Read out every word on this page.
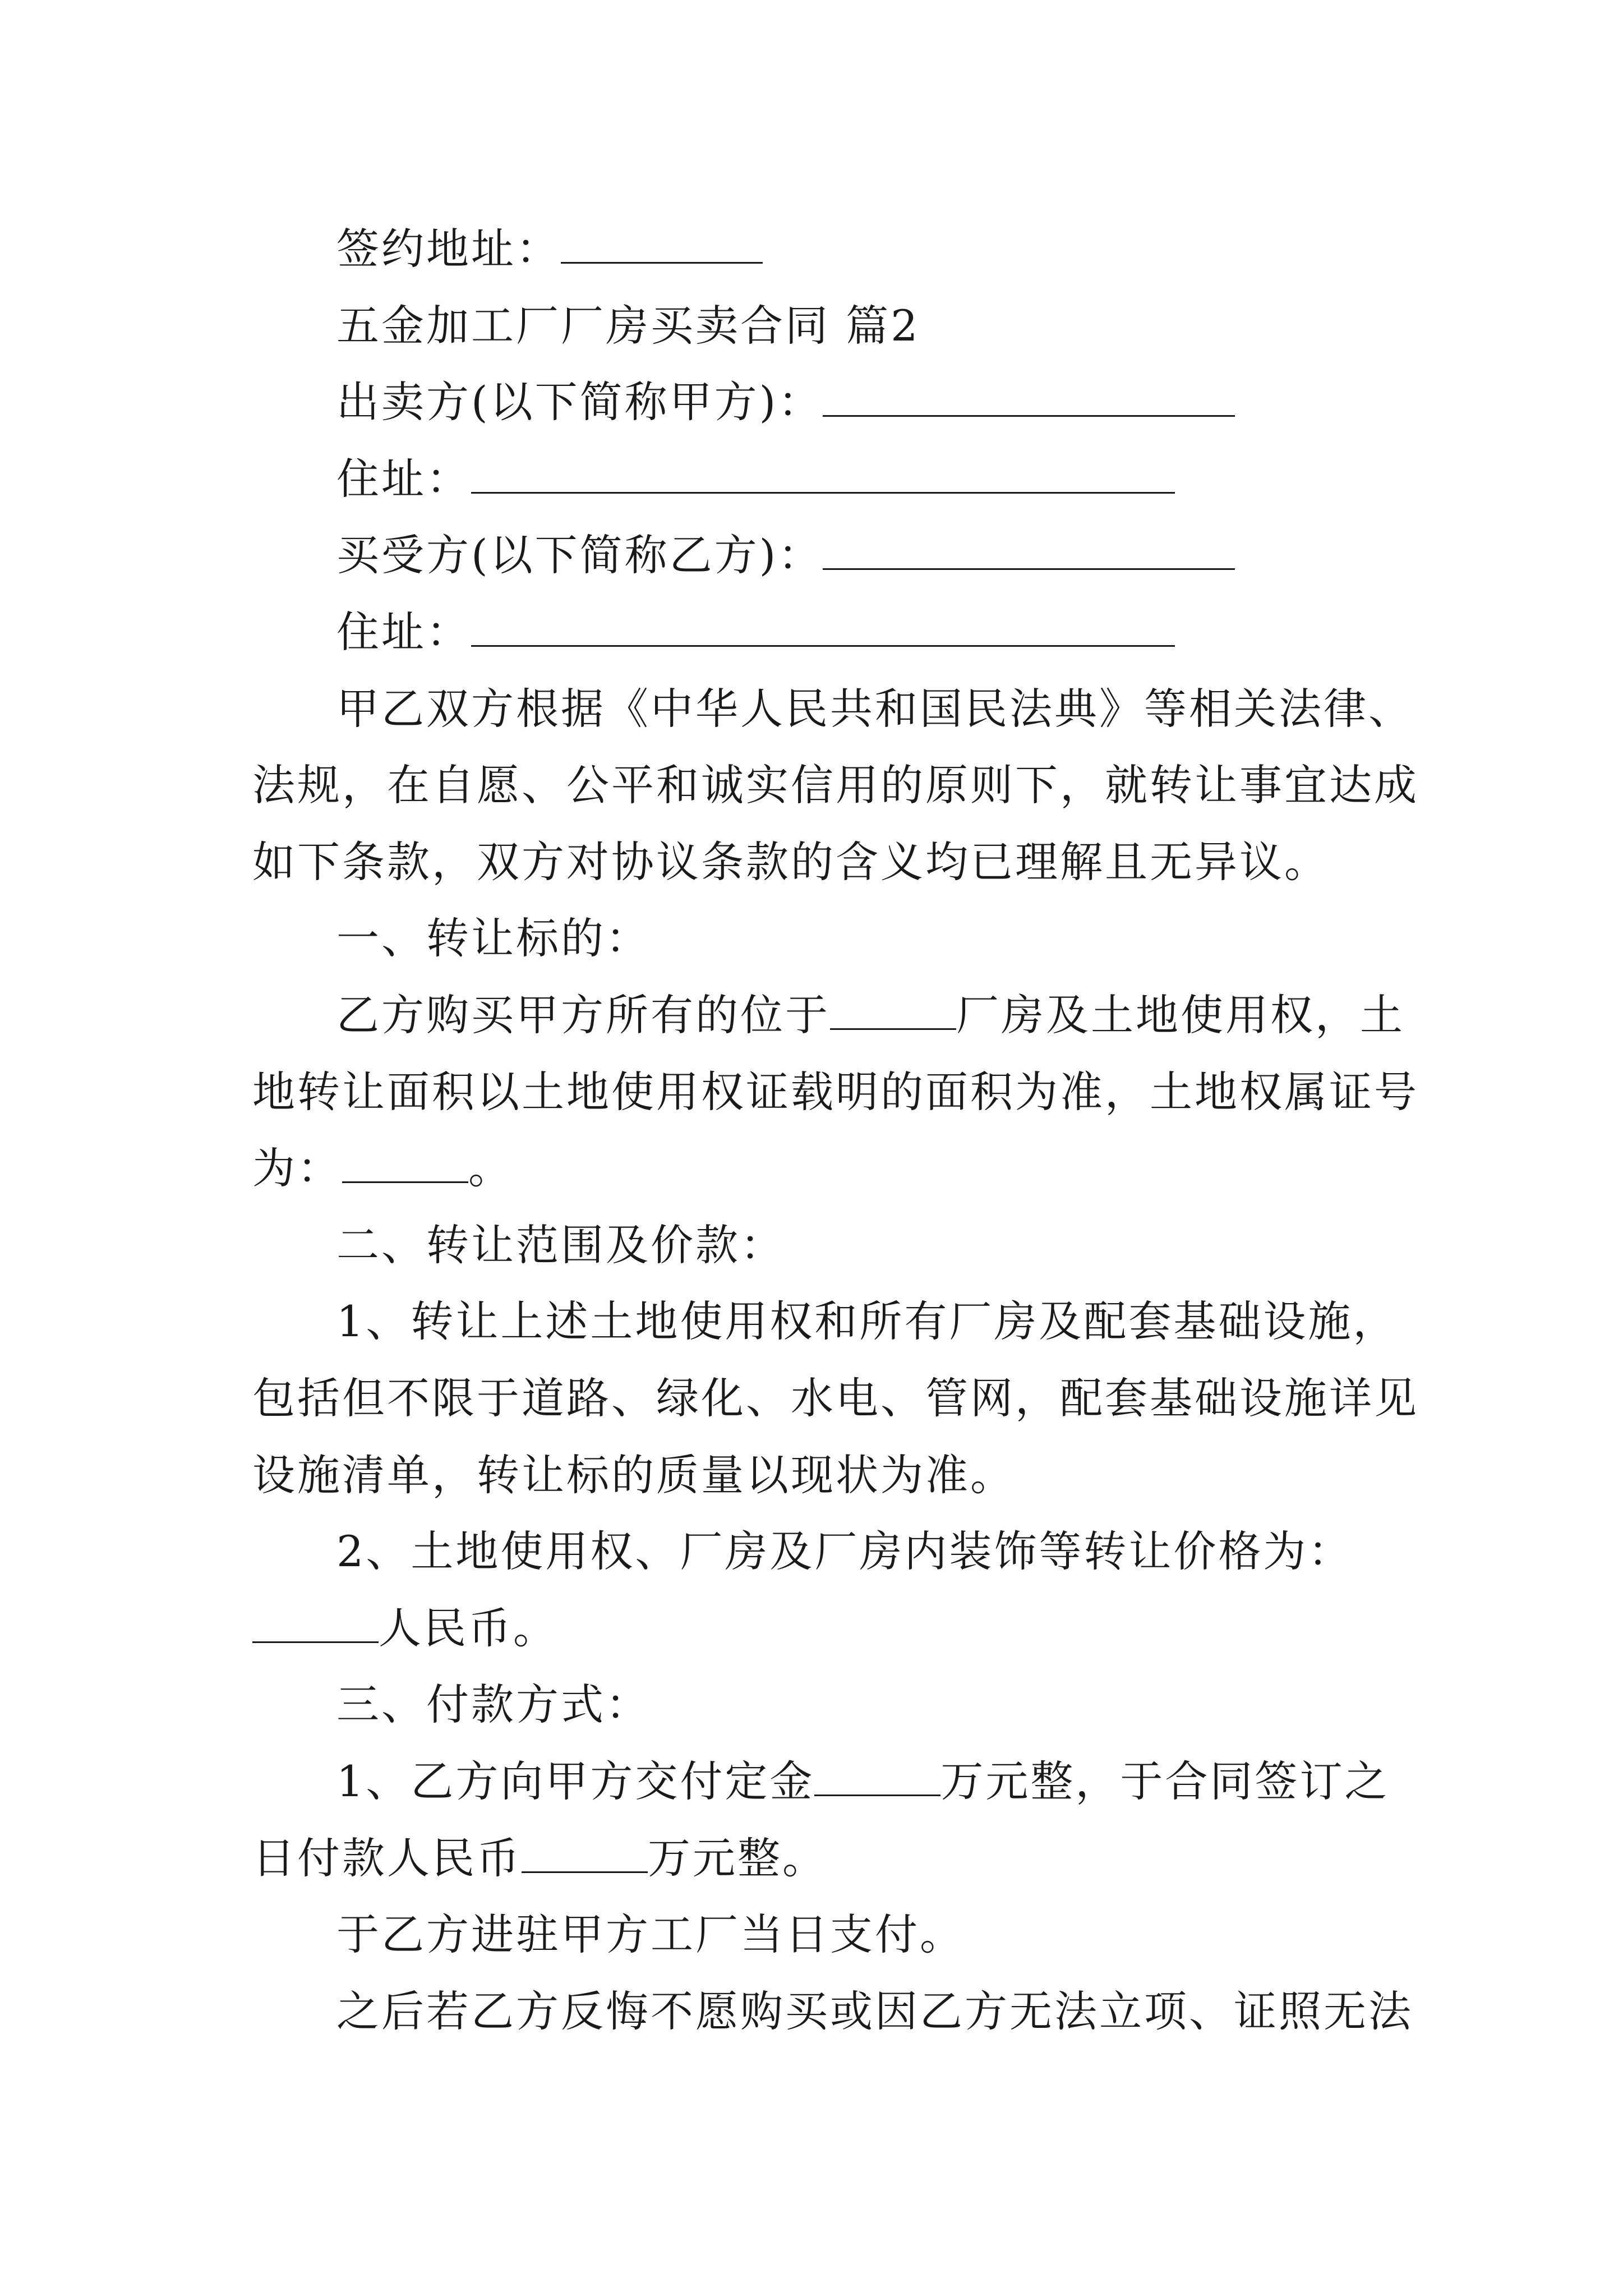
签约地址：
五金加工厂厂房买卖合同 篇2
出卖方(以下简称甲方)：
住址：
买受方(以下简称乙方)：
住址：
甲乙双方根据《中华人民共和国民法典》等相关法律、
法规，在自愿、公平和诚实信用的原则下，就转让事宜达成
如下条款，双方对协议条款的含义均已理解且无异议。
一、转让标的：
乙方购买甲方所有的位于	厂房及土地使用权，土
地转让面积以土地使用权证载明的面积为准，土地权属证号
为：	。
二、转让范围及价款：
1、转让上述土地使用权和所有厂房及配套基础设施，
包括但不限于道路、绿化、水电、管网，配套基础设施详见
设施清单，转让标的质量以现状为准。
2、土地使用权、厂房及厂房内装饰等转让价格为：
人民币。
三、付款方式：
1、乙方向甲方交付定金	万元整，于合同签订之
日付款人民币	万元整。
于乙方进驻甲方工厂当日支付。
之后若乙方反悔不愿购买或因乙方无法立项、证照无法
